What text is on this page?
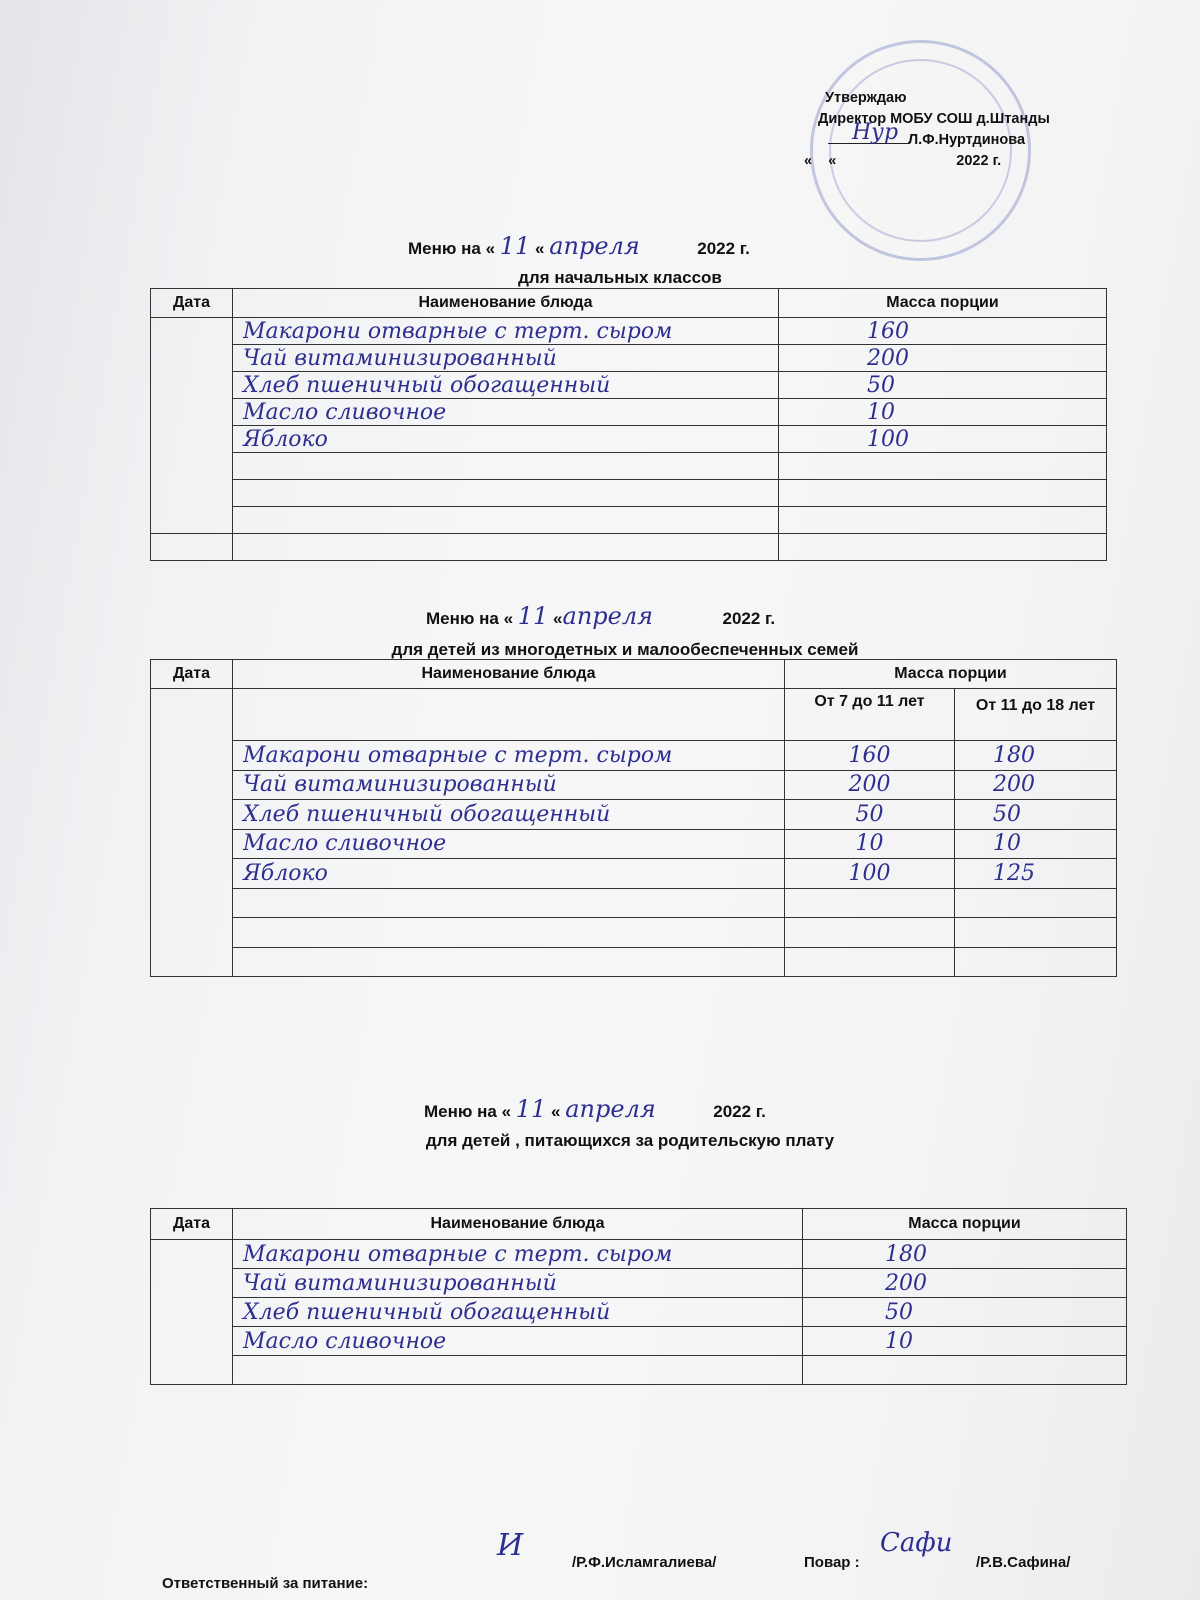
Утверждаю
Директор МОБУ СОШ д.Штанды
Нур Л.Ф.Нуртдинова
« «	2022 г.
Меню на « 11 « апреля	2022 г.
для начальных классов
Дата	Наименование блюда	Масса порции
	Макарони отварные с терт. сыром	160
	Чай витаминизированный	200
	Хлеб пшеничный обогащенный	50
	Масло сливочное	10
	Яблоко	100

Меню на « 11 «апреля	2022 г.
для детей из многодетных и малообеспеченных семей
Дата	Наименование блюда	Масса порции	
		От 7 до 11 лет	От 11 до 18 лет
	Макарони отварные с терт. сыром	160	180
	Чай витаминизированный	200	200
	Хлеб пшеничный обогащенный	50	50
	Масло сливочное	10	10
	Яблоко	100	125

Меню на « 11 « апреля	2022 г.
для детей , питающихся за родительскую плату
Дата	Наименование блюда	Масса порции
	Макарони отварные с терт. сыром	180
	Чай витаминизированный	200
	Хлеб пшеничный обогащенный	50
	Масло сливочное	10

Ответственный за питание:
И	/Р.Ф.Исламгалиева/	Повар :
Сафи
/Р.В.Сафина/
